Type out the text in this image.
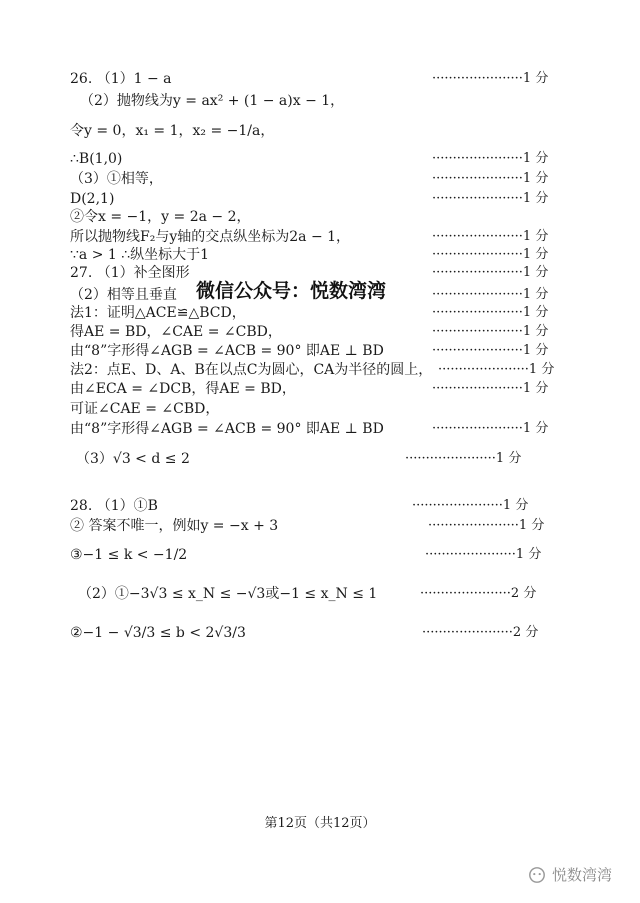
26. （1）1 − a
（2）抛物线为y = ax² + (1 − a)x − 1，
令y = 0，x₁ = 1，x₂ = −1/a，
∴B(1,0)
（3）①相等，
D(2,1)
②令x = −1，y = 2a − 2，
所以抛物线F₂与y轴的交点纵坐标为2a − 1，
∵a > 1 ∴纵坐标大于1
27. （1）补全图形
（2）相等且垂直
法1：证明△ACE≌△BCD，
得AE = BD，∠CAE = ∠CBD，
由“8”字形得∠AGB = ∠ACB = 90° 即AE ⊥ BD
法2：点E、D、A、B在以点C为圆心，CA为半径的圆上，
由∠ECA = ∠DCB，得AE = BD，
可证∠CAE = ∠CBD，
由“8”字形得∠AGB = ∠ACB = 90° 即AE ⊥ BD
（3）√3 < d ≤ 2
28. （1）①B
② 答案不唯一，例如y = −x + 3
③−1 ≤ k < −1/2
（2）①−3√3 ≤ x_N ≤ −√3或−1 ≤ x_N ≤ 1
②−1 − √3/3 ≤ b < 2√3/3
······················1 分
······················1 分
······················1 分
······················1 分
······················1 分
······················1 分
······················1 分
······················1 分
······················1 分
······················1 分
······················1 分
······················1 分
······················1 分
······················1 分
······················1 分
······················1 分
······················1 分
······················1 分
······················2 分
······················2 分
微信公众号：悦数湾湾
第12页（共12页）
悦数湾湾
